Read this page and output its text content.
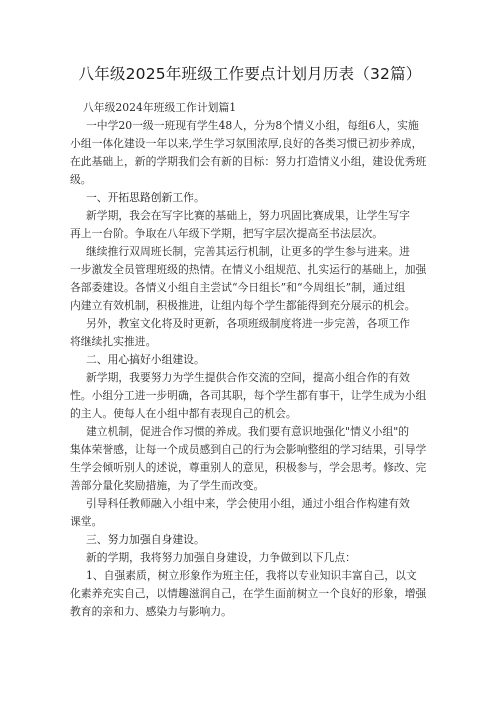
八年级2025年班级工作要点计划月历表（32篇）
八年级2024年班级工作计划篇1
一中学20一级一班现有学生48人，分为8个情义小组，每组6人，实施
小组一体化建设一年以来,学生学习氛围浓厚,良好的各类习惯已初步养成，
在此基础上，新的学期我们会有新的目标：努力打造情义小组，建设优秀班
级。
一、开拓思路创新工作。
新学期，我会在写字比赛的基础上，努力巩固比赛成果，让学生写字
再上一台阶。争取在八年级下学期，把写字层次提高至书法层次。
继续推行双周班长制，完善其运行机制，让更多的学生参与进来。进
一步激发全员管理班级的热情。在情义小组规范、扎实运行的基础上，加强
各部委建设。各情义小组自主尝试“今日组长”和“今周组长”制，通过组
内建立有效机制，积极推进，让组内每个学生都能得到充分展示的机会。
另外，教室文化将及时更新，各项班级制度将进一步完善，各项工作
将继续扎实推进。
二、用心搞好小组建设。
新学期，我要努力为学生提供合作交流的空间，提高小组合作的有效
性。小组分工进一步明确，各司其职，每个学生都有事干，让学生成为小组
的主人。使每人在小组中都有表现自己的机会。
建立机制，促进合作习惯的养成。我们要有意识地强化"情义小组"的
集体荣誉感，让每一个成员感到自己的行为会影响整组的学习结果，引导学
生学会倾听别人的述说，尊重别人的意见，积极参与，学会思考。修改、完
善部分量化奖励措施，为了学生而改变。
引导科任教师融入小组中来，学会使用小组，通过小组合作构建有效
课堂。
三、努力加强自身建设。
新的学期，我将努力加强自身建设，力争做到以下几点：
1、自强素质，树立形象作为班主任，我将以专业知识丰富自己，以文
化素养充实自己，以情趣滋润自己，在学生面前树立一个良好的形象，增强
教育的亲和力、感染力与影响力。
